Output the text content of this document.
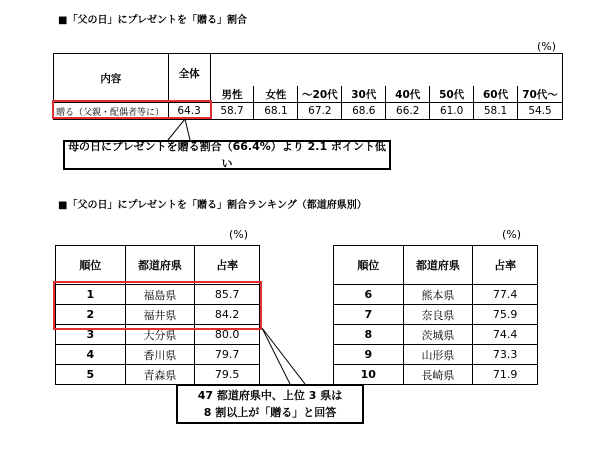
■「父の日」にプレゼントを「贈る」割合
(%)
内容	全体								
		男性	女性	～20代	30代	40代	50代	60代	70代～
贈る（父親・配偶者等に）	64.3	58.7	68.1	67.2	68.6	66.2	61.0	58.1	54.5
母の日にプレゼントを贈る割合（66.4%）より 2.1 ポイント低い
■「父の日」にプレゼントを「贈る」割合ランキング（都道府県別）
(%)	(%)
順位	都道府県	占率
1	福島県	85.7
2	福井県	84.2
3	大分県	80.0
4	香川県	79.7
5	青森県	79.5
順位	都道府県	占率
6	熊本県	77.4
7	奈良県	75.9
8	茨城県	74.4
9	山形県	73.3
10	長崎県	71.9
47 都道府県中、上位 3 県は
8 割以上が「贈る」と回答
